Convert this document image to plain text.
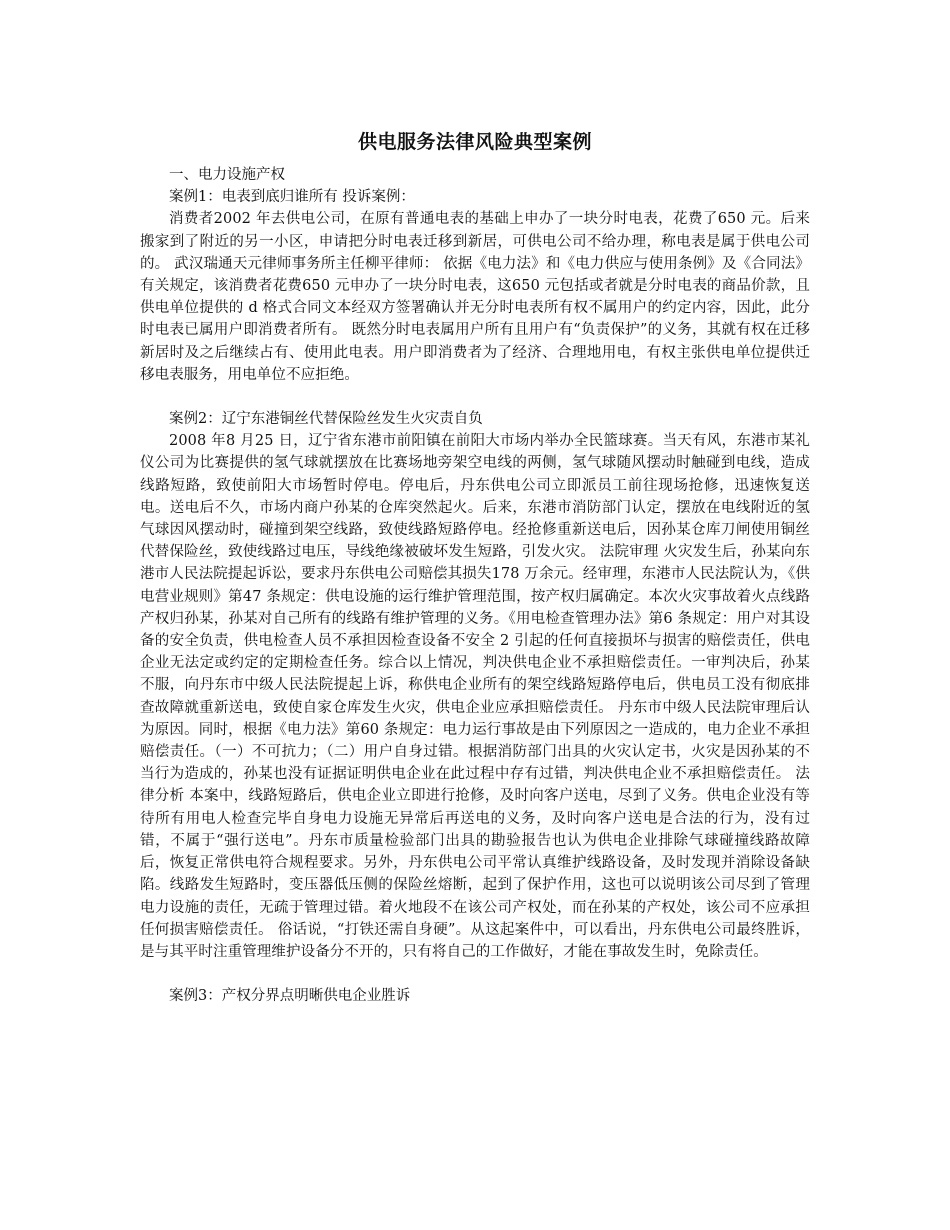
供电服务法律风险典型案例

一、电力设施产权

案例1：电表到底归谁所有 投诉案例：

消费者2002 年去供电公司，在原有普通电表的基础上申办了一块分时电表，花费了650 元。后来搬家到了附近的另一小区，申请把分时电表迁移到新居，可供电公司不给办理，称电表是属于供电公司的。 武汉瑞通天元律师事务所主任柳平律师： 依据《电力法》和《电力供应与使用条例》及《合同法》有关规定，该消费者花费650 元申办了一块分时电表，这650 元包括或者就是分时电表的商品价款，且供电单位提供的 d 格式合同文本经双方签署确认并无分时电表所有权不属用户的约定内容，因此，此分时电表已属用户即消费者所有。 既然分时电表属用户所有且用户有“负责保护”的义务，其就有权在迁移新居时及之后继续占有、使用此电表。用户即消费者为了经济、合理地用电，有权主张供电单位提供迁移电表服务，用电单位不应拒绝。

案例2：辽宁东港铜丝代替保险丝发生火灾责自负

2008 年8 月25 日，辽宁省东港市前阳镇在前阳大市场内举办全民篮球赛。当天有风，东港市某礼仪公司为比赛提供的氢气球就摆放在比赛场地旁架空电线的两侧，氢气球随风摆动时触碰到电线，造成线路短路，致使前阳大市场暂时停电。停电后，丹东供电公司立即派员工前往现场抢修，迅速恢复送电。送电后不久，市场内商户孙某的仓库突然起火。后来，东港市消防部门认定，摆放在电线附近的氢气球因风摆动时，碰撞到架空线路，致使线路短路停电。经抢修重新送电后，因孙某仓库刀闸使用铜丝代替保险丝，致使线路过电压，导线绝缘被破坏发生短路，引发火灾。 法院审理 火灾发生后，孙某向东港市人民法院提起诉讼，要求丹东供电公司赔偿其损失178 万余元。经审理，东港市人民法院认为，《供电营业规则》第47 条规定：供电设施的运行维护管理范围，按产权归属确定。本次火灾事故着火点线路产权归孙某，孙某对自己所有的线路有维护管理的义务。《用电检查管理办法》第6 条规定：用户对其设备的安全负责，供电检查人员不承担因检查设备不安全 2 引起的任何直接损坏与损害的赔偿责任，供电企业无法定或约定的定期检查任务。综合以上情况，判决供电企业不承担赔偿责任。一审判决后，孙某不服，向丹东市中级人民法院提起上诉，称供电企业所有的架空线路短路停电后，供电员工没有彻底排查故障就重新送电，致使自家仓库发生火灾，供电企业应承担赔偿责任。 丹东市中级人民法院审理后认为原因。同时，根据《电力法》第60 条规定：电力运行事故是由下列原因之一造成的，电力企业不承担赔偿责任。（一）不可抗力；（二）用户自身过错。根据消防部门出具的火灾认定书，火灾是因孙某的不当行为造成的，孙某也没有证据证明供电企业在此过程中存有过错，判决供电企业不承担赔偿责任。 法律分析 本案中，线路短路后，供电企业立即进行抢修，及时向客户送电，尽到了义务。供电企业没有等待所有用电人检查完毕自身电力设施无异常后再送电的义务，及时向客户送电是合法的行为，没有过错，不属于“强行送电”。丹东市质量检验部门出具的勘验报告也认为供电企业排除气球碰撞线路故障后，恢复正常供电符合规程要求。另外，丹东供电公司平常认真维护线路设备，及时发现并消除设备缺陷。线路发生短路时，变压器低压侧的保险丝熔断，起到了保护作用，这也可以说明该公司尽到了管理电力设施的责任，无疏于管理过错。着火地段不在该公司产权处，而在孙某的产权处，该公司不应承担任何损害赔偿责任。 俗话说，“打铁还需自身硬”。从这起案件中，可以看出，丹东供电公司最终胜诉，是与其平时注重管理维护设备分不开的，只有将自己的工作做好，才能在事故发生时，免除责任。

案例3：产权分界点明晰供电企业胜诉
